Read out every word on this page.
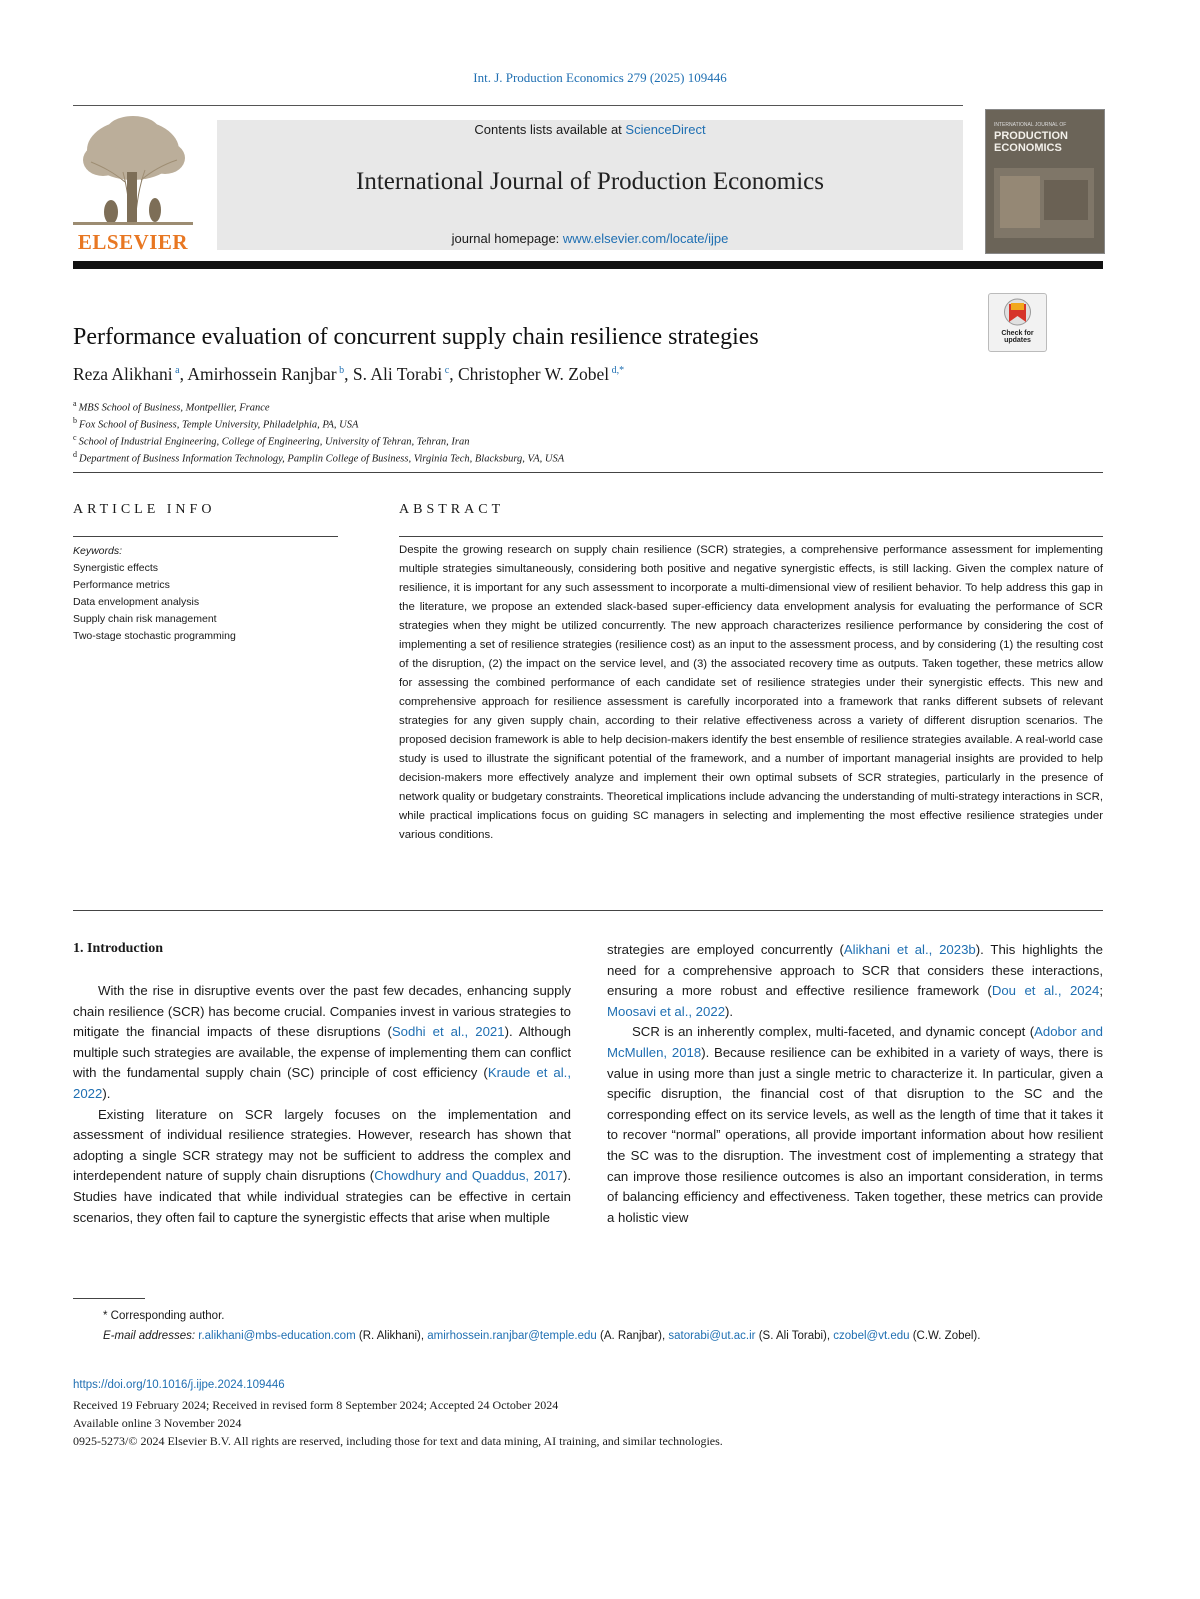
Int. J. Production Economics 279 (2025) 109446
ELSEVIER
Contents lists available at ScienceDirect
International Journal of Production Economics
journal homepage: www.elsevier.com/locate/ijpe
INTERNATIONAL JOURNAL OF
PRODUCTION ECONOMICS
Check for updates
Performance evaluation of concurrent supply chain resilience strategies
Reza Alikhani $^a$, Amirhossein Ranjbar $^b$, S. Ali Torabi $^c$, Christopher W. Zobel $^{d,*}$
$^a$ MBS School of Business, Montpellier, France
$^b$ Fox School of Business, Temple University, Philadelphia, PA, USA
$^c$ School of Industrial Engineering, College of Engineering, University of Tehran, Tehran, Iran
$^d$ Department of Business Information Technology, Pamplin College of Business, Virginia Tech, Blacksburg, VA, USA
ARTICLE INFO	ABSTRACT
Keywords:
Synergistic effects
Performance metrics
Data envelopment analysis
Supply chain risk management
Two-stage stochastic programming
Despite the growing research on supply chain resilience (SCR) strategies, a comprehensive performance assessment for implementing multiple strategies simultaneously, considering both positive and negative synergistic effects, is still lacking. Given the complex nature of resilience, it is important for any such assessment to incorporate a multi-dimensional view of resilient behavior. To help address this gap in the literature, we propose an extended slack-based super-efficiency data envelopment analysis for evaluating the performance of SCR strategies when they might be utilized concurrently. The new approach characterizes resilience performance by considering the cost of implementing a set of resilience strategies (resilience cost) as an input to the assessment process, and by considering (1) the resulting cost of the disruption, (2) the impact on the service level, and (3) the associated recovery time as outputs. Taken together, these metrics allow for assessing the combined performance of each candidate set of resilience strategies under their synergistic effects. This new and comprehensive approach for resilience assessment is carefully incorporated into a framework that ranks different subsets of relevant strategies for any given supply chain, according to their relative effectiveness across a variety of different disruption scenarios. The proposed decision framework is able to help decision-makers identify the best ensemble of resilience strategies available. A real-world case study is used to illustrate the significant potential of the framework, and a number of important managerial insights are provided to help decision-makers more effectively analyze and implement their own optimal subsets of SCR strategies, particularly in the presence of network quality or budgetary constraints. Theoretical implications include advancing the understanding of multi-strategy interactions in SCR, while practical implications focus on guiding SC managers in selecting and implementing the most effective resilience strategies under various conditions.
1. Introduction

With the rise in disruptive events over the past few decades, enhancing supply chain resilience (SCR) has become crucial. Companies invest in various strategies to mitigate the financial impacts of these disruptions (Sodhi et al., 2021). Although multiple such strategies are available, the expense of implementing them can conflict with the fundamental supply chain (SC) principle of cost efficiency (Kraude et al., 2022).

Existing literature on SCR largely focuses on the implementation and assessment of individual resilience strategies. However, research has shown that adopting a single SCR strategy may not be sufficient to address the complex and interdependent nature of supply chain disruptions (Chowdhury and Quaddus, 2017). Studies have indicated that while individual strategies can be effective in certain scenarios, they often fail to capture the synergistic effects that arise when multiple

strategies are employed concurrently (Alikhani et al., 2023b). This highlights the need for a comprehensive approach to SCR that considers these interactions, ensuring a more robust and effective resilience framework (Dou et al., 2024; Moosavi et al., 2022).

SCR is an inherently complex, multi-faceted, and dynamic concept (Adobor and McMullen, 2018). Because resilience can be exhibited in a variety of ways, there is value in using more than just a single metric to characterize it. In particular, given a specific disruption, the financial cost of that disruption to the SC and the corresponding effect on its service levels, as well as the length of time that it takes it to recover “normal” operations, all provide important information about how resilient the SC was to the disruption. The investment cost of implementing a strategy that can improve those resilience outcomes is also an important consideration, in terms of balancing efficiency and effectiveness. Taken together, these metrics can provide a holistic view

* Corresponding author.
E-mail addresses: r.alikhani@mbs-education.com (R. Alikhani), amirhossein.ranjbar@temple.edu (A. Ranjbar), satorabi@ut.ac.ir (S. Ali Torabi), czobel@vt.edu (C.W. Zobel).
https://doi.org/10.1016/j.ijpe.2024.109446
Received 19 February 2024; Received in revised form 8 September 2024; Accepted 24 October 2024
Available online 3 November 2024
0925-5273/© 2024 Elsevier B.V. All rights are reserved, including those for text and data mining, AI training, and similar technologies.
